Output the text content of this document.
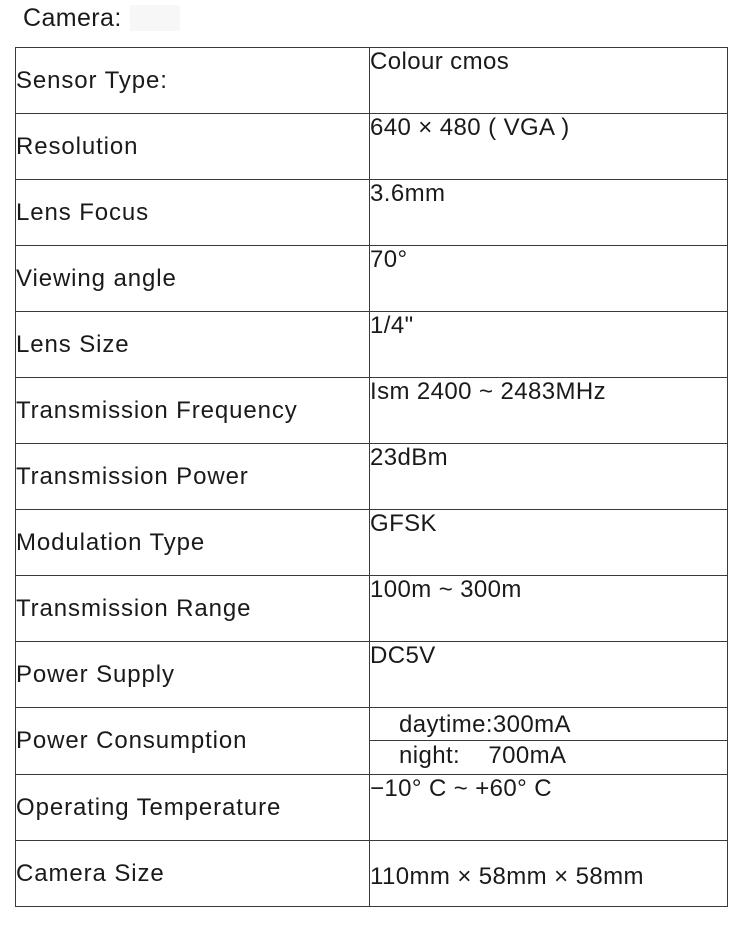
Camera:
Sensor Type:	Colour cmos
Resolution	640 × 480 ( VGA )
Lens Focus	3.6mm
Viewing angle	70°
Lens Size	1/4"
Transmission Frequency	Ism 2400 ~ 2483MHz
Transmission Power	23dBm
Modulation Type	GFSK
Transmission Range	100m ~ 300m
Power Supply	DC5V
Power Consumption	daytime:300mA
night:    700mA

Operating Temperature	−10° C ~ +60° C
Camera Size	110mm × 58mm × 58mm
